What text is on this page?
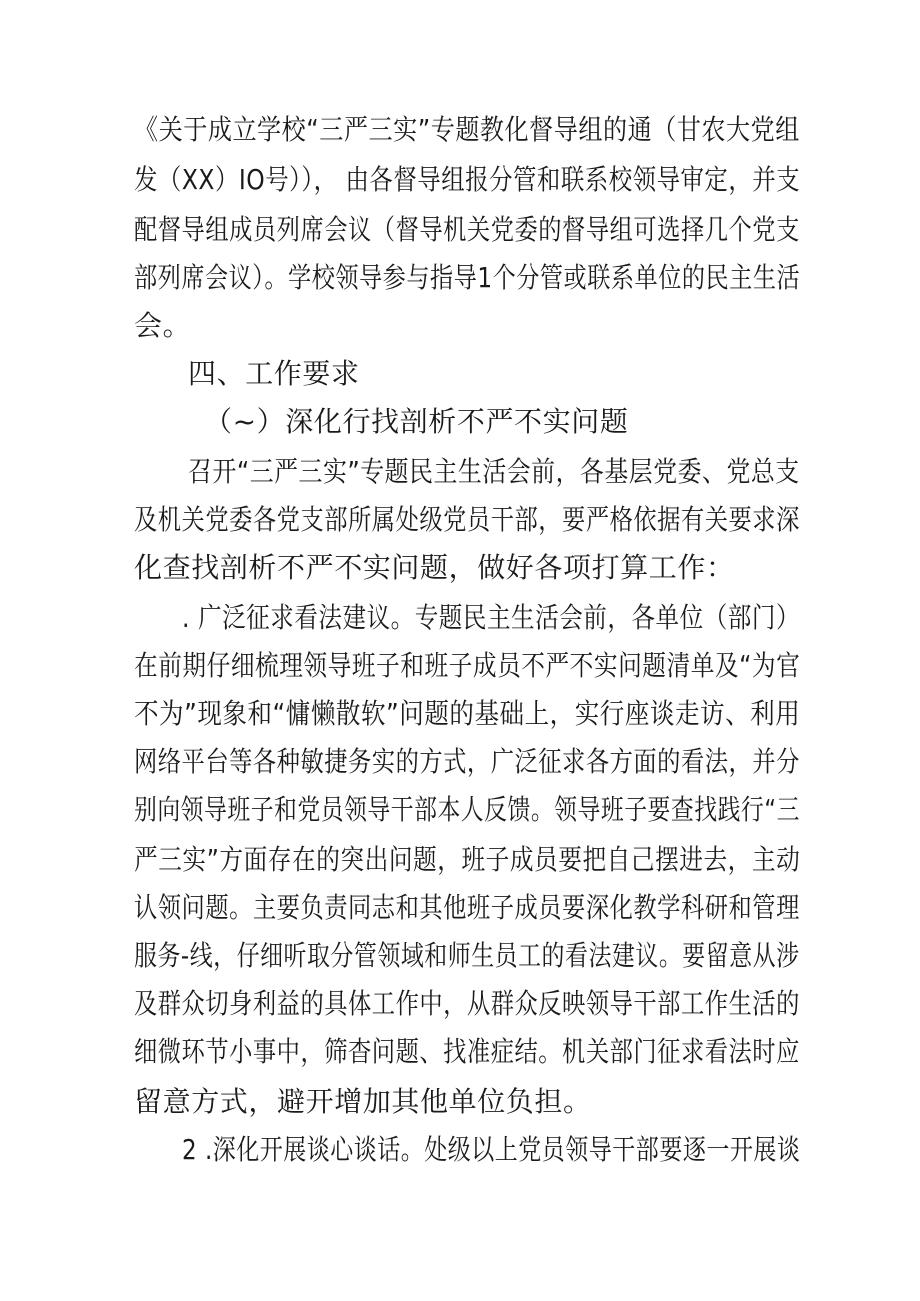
《关于成立学校“三严三实”专题教化督导组的通（甘农大党组
发（XX）IO号））， 由各督导组报分管和联系校领导审定，并支
配督导组成员列席会议（督导机关党委的督导组可选择几个党支
部列席会议）。学校领导参与指导1个分管或联系单位的民主生活
会。
四、工作要求
（~）深化行找剖析不严不实问题
召开“三严三实”专题民主生活会前，各基层党委、党总支
及机关党委各党支部所属处级党员干部，要严格依据有关要求深
化查找剖析不严不实问题，做好各项打算工作：
. 广泛征求看法建议。专题民主生活会前，各单位（部门）
在前期仔细梳理领导班子和班子成员不严不实问题清单及“为官
不为”现象和“慵懒散软”问题的基础上，实行座谈走访、利用
网络平台等各种敏捷务实的方式，广泛征求各方面的看法，并分
别向领导班子和党员领导干部本人反馈。领导班子要查找践行“三
严三实”方面存在的突出问题，班子成员要把自己摆进去，主动
认领问题。主要负责同志和其他班子成员要深化教学科研和管理
服务-线，仔细听取分管领域和师生员工的看法建议。要留意从涉
及群众切身利益的具体工作中，从群众反映领导干部工作生活的
细微环节小事中，筛杳问题、找准症结。机关部门征求看法时应
留意方式，避开增加其他单位负担。
2 .深化开展谈心谈话。处级以上党员领导干部要逐一开展谈
